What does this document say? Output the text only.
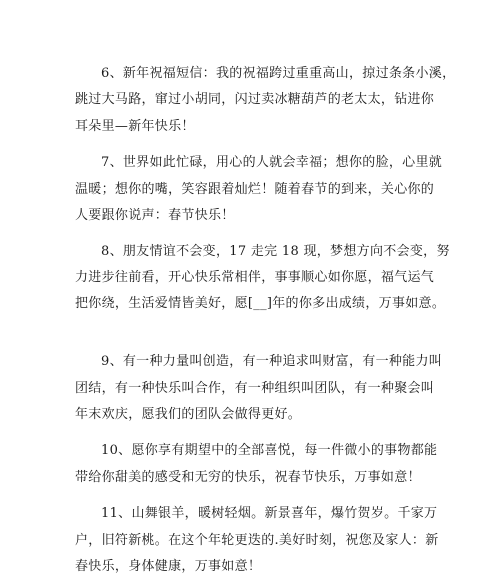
6、新年祝福短信：我的祝福跨过重重高山，掠过条条小溪，
跳过大马路，窜过小胡同，闪过卖冰糖葫芦的老太太，钻进你
耳朵里—新年快乐！
7、世界如此忙碌，用心的人就会幸福；想你的脸，心里就
温暖；想你的嘴，笑容跟着灿烂！随着春节的到来，关心你的
人要跟你说声：春节快乐！
8、朋友情谊不会变，17 走完 18 现，梦想方向不会变，努
力进步往前看，开心快乐常相伴，事事顺心如你愿，福气运气
把你绕，生活爱情皆美好，愿[__]年的你多出成绩，万事如意。
9、有一种力量叫创造，有一种追求叫财富，有一种能力叫
团结，有一种快乐叫合作，有一种组织叫团队，有一种聚会叫
年末欢庆，愿我们的团队会做得更好。
10、愿你享有期望中的全部喜悦，每一件微小的事物都能
带给你甜美的感受和无穷的快乐，祝春节快乐，万事如意！
11、山舞银羊，暖树轻烟。新景喜年，爆竹贺岁。千家万
户，旧符新桃。在这个年轮更迭的.美好时刻，祝您及家人：新
春快乐，身体健康，万事如意！
